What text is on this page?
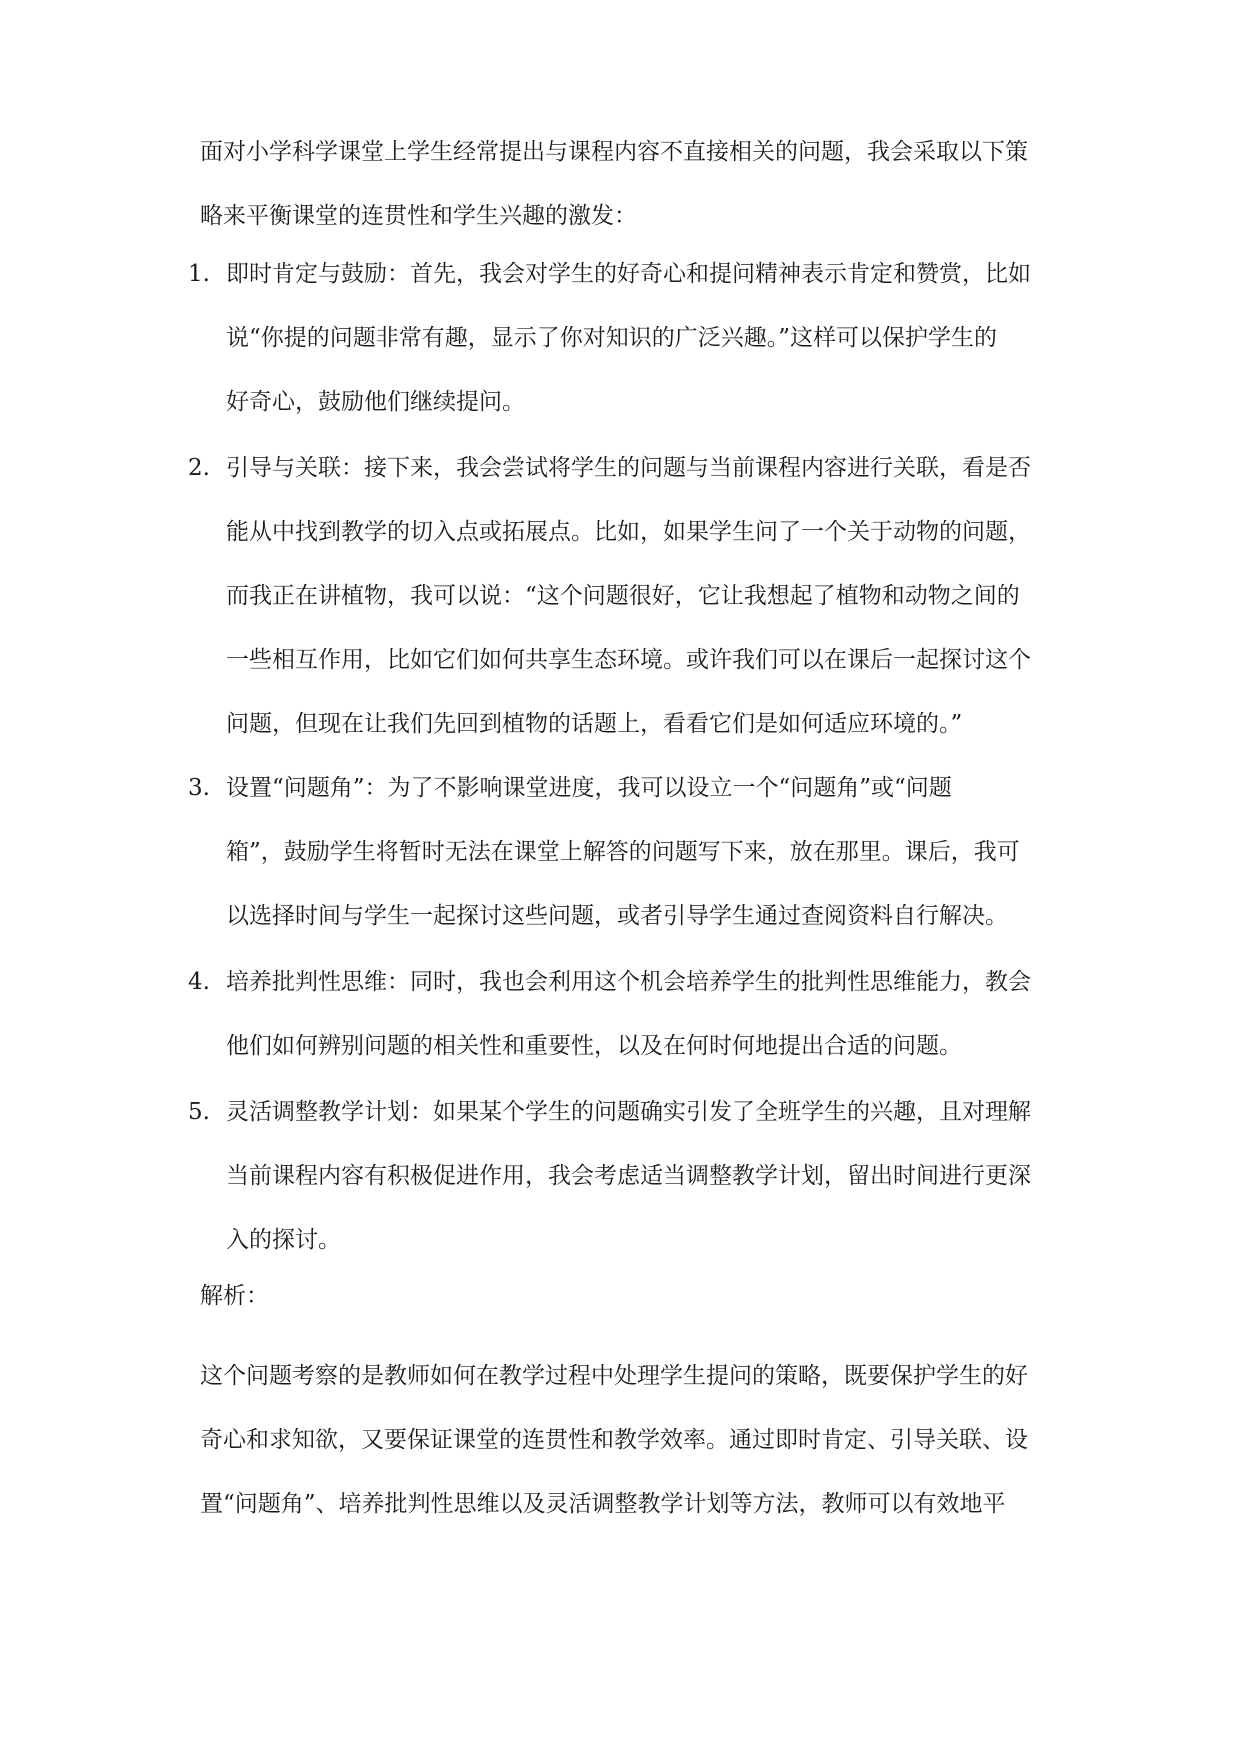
面对小学科学课堂上学生经常提出与课程内容不直接相关的问题，我会采取以下策
略来平衡课堂的连贯性和学生兴趣的激发：
1. 即时肯定与鼓励：首先，我会对学生的好奇心和提问精神表示肯定和赞赏，比如
说“你提的问题非常有趣，显示了你对知识的广泛兴趣。”这样可以保护学生的
好奇心，鼓励他们继续提问。
2. 引导与关联：接下来，我会尝试将学生的问题与当前课程内容进行关联，看是否
能从中找到教学的切入点或拓展点。比如，如果学生问了一个关于动物的问题，
而我正在讲植物，我可以说：“这个问题很好，它让我想起了植物和动物之间的
一些相互作用，比如它们如何共享生态环境。或许我们可以在课后一起探讨这个
问题，但现在让我们先回到植物的话题上，看看它们是如何适应环境的。”
3. 设置“问题角”：为了不影响课堂进度，我可以设立一个“问题角”或“问题
箱”，鼓励学生将暂时无法在课堂上解答的问题写下来，放在那里。课后，我可
以选择时间与学生一起探讨这些问题，或者引导学生通过查阅资料自行解决。
4. 培养批判性思维：同时，我也会利用这个机会培养学生的批判性思维能力，教会
他们如何辨别问题的相关性和重要性，以及在何时何地提出合适的问题。
5. 灵活调整教学计划：如果某个学生的问题确实引发了全班学生的兴趣，且对理解
当前课程内容有积极促进作用，我会考虑适当调整教学计划，留出时间进行更深
入的探讨。
解析：
这个问题考察的是教师如何在教学过程中处理学生提问的策略，既要保护学生的好
奇心和求知欲，又要保证课堂的连贯性和教学效率。通过即时肯定、引导关联、设
置“问题角”、培养批判性思维以及灵活调整教学计划等方法，教师可以有效地平
